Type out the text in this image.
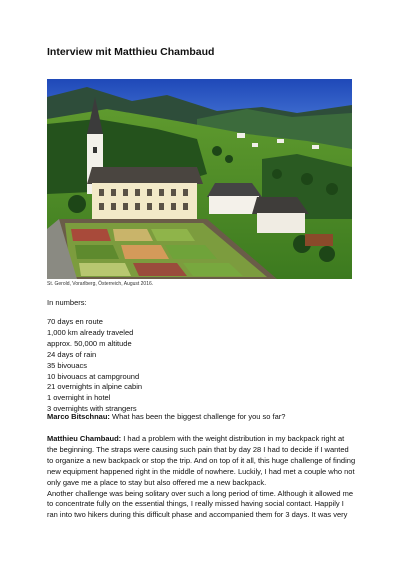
Interview mit Matthieu Chambaud
St. Gerold, Vorarlberg, Österreich, August 2016.
In numbers:
70 days en route
1,000 km already traveled
approx. 50,000 m altitude
24 days of rain
35 bivouacs
10 bivouacs at campground
21 overnights in alpine cabin
1 overnight in hotel
3 overnights with strangers
Marco Bitschnau: What has been the biggest challenge for you so far?
Matthieu Chambaud: I had a problem with the weight distribution in my backpack right at
the beginning. The straps were causing such pain that by day 28 I had to decide if I wanted
to organize a new backpack or stop the trip. And on top of it all, this huge challenge of finding
new equipment happened right in the middle of nowhere. Luckily, I had met a couple who not
only gave me a place to stay but also offered me a new backpack.
Another challenge was being solitary over such a long period of time. Although it allowed me
to concentrate fully on the essential things, I really missed having social contact. Happily I
ran into two hikers during this difficult phase and accompanied them for 3 days. It was very
